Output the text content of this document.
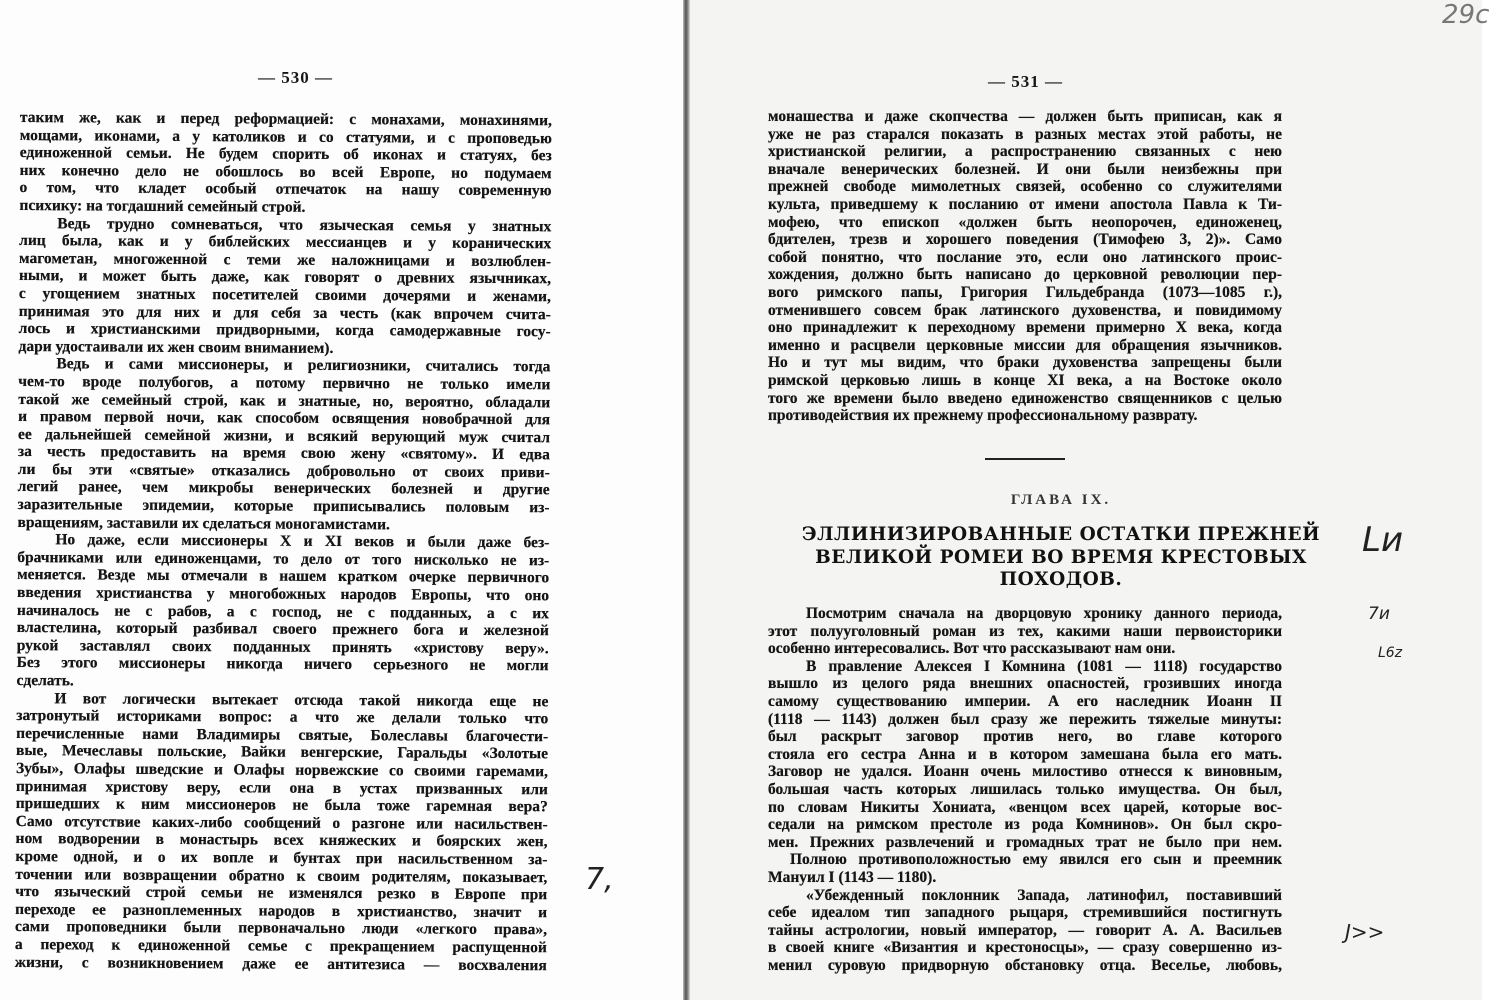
— 530 —
таким же, как и перед реформацией: с монахами, монахинями,
мощами, иконами, а у католиков и со статуями, и с проповедью
единоженной семьи. Не будем спорить об иконах и статуях, без
них конечно дело не обошлось во всей Европе, но подумаем
о том, что кладет особый отпечаток на нашу современную
психику: на тогдашний семейный строй.
Ведь трудно сомневаться, что языческая семья у знатных
лиц была, как и у библейских мессианцев и у коранических
магометан, многоженной с теми же наложницами и возлюблен-
ными, и может быть даже, как говорят о древних язычниках,
с угощением знатных посетителей своими дочерями и женами,
принимая это для них и для себя за честь (как впрочем счита-
лось и христианскими придворными, когда самодержавные госу-
дари удостаивали их жен своим вниманием).
Ведь и сами миссионеры, и религиозники, считались тогда
чем-то вроде полубогов, а потому первично не только имели
такой же семейный строй, как и знатные, но, вероятно, обладали
и правом первой ночи, как способом освящения новобрачной для
ее дальнейшей семейной жизни, и всякий верующий муж считал
за честь предоставить на время свою жену «святому». И едва
ли бы эти «святые» отказались добровольно от своих приви-
легий ранее, чем микробы венерических болезней и другие
заразительные эпидемии, которые приписывались половым из-
вращениям, заставили их сделаться моногамистами.
Но даже, если миссионеры X и XI веков и были даже без-
брачниками или единоженцами, то дело от того нисколько не из-
меняется. Везде мы отмечали в нашем кратком очерке первичного
введения христианства у многобожных народов Европы, что оно
начиналось не с рабов, а с господ, не с подданных, а с их
властелина, который разбивал своего прежнего бога и железной
рукой заставлял своих подданных принять «христову веру».
Без этого миссионеры никогда ничего серьезного не могли
сделать.
И вот логически вытекает отсюда такой никогда еще не
затронутый историками вопрос: а что же делали только что
перечисленные нами Владимиры святые, Болеславы благочести-
вые, Мечеславы польские, Вайки венгерские, Гаральды «Золотые
Зубы», Олафы шведские и Олафы норвежские со своими гаремами,
принимая христову веру, если она в устах призванных или
пришедших к ним миссионеров не была тоже гаремная вера?
Само отсутствие каких-либо сообщений о разгоне или насильствен-
ном водворении в монастырь всех княжеских и боярских жен,
кроме одной, и о их вопле и бунтах при насильственном за-
точении или возвращении обратно к своим родителям, показывает,
что языческий строй семьи не изменялся резко в Европе при
переходе ее разноплеменных народов в христианство, значит и
сами проповедники были первоначально люди «легкого права»,
а переход к единоженной семье с прекращением распущенной
жизни, с возникновением даже ее антитезиса — восхваления
7,
— 531 —
монашества и даже скопчества — должен быть приписан, как я
уже не раз старался показать в разных местах этой работы, не
христианской религии, а распространению связанных с нею
вначале венерических болезней. И они были неизбежны при
прежней свободе мимолетных связей, особенно со служителями
культа, приведшему к посланию от имени апостола Павла к Ти-
мофею, что епископ «должен быть неопорочен, единоженец,
бдителен, трезв и хорошего поведения (Тимофею 3, 2)». Само
собой понятно, что послание это, если оно латинского проис-
хождения, должно быть написано до церковной революции пер-
вого римского папы, Григория Гильдебранда (1073—1085 г.),
отменившего совсем брак латинского духовенства, и повидимому
оно принадлежит к переходному времени примерно X века, когда
именно и расцвели церковные миссии для обращения язычников.
Но и тут мы видим, что браки духовенства запрещены были
римской церковью лишь в конце XI века, а на Востоке около
того же времени было введено единоженство священников с целью
противодействия их прежнему профессиональному разврату.
ГЛАВА IX.
ЭЛЛИНИЗИРОВАННЫЕ ОСТАТКИ ПРЕЖНЕЙ
ВЕЛИКОЙ РОМЕИ ВО ВРЕМЯ КРЕСТОВЫХ
ПОХОДОВ.
Посмотрим сначала на дворцовую хронику данного периода,
этот полууголовный роман из тех, какими наши первоисторики
особенно интересовались. Вот что рассказывают нам они.
В правление Алексея I Комнина (1081 — 1118) государство
вышло из целого ряда внешних опасностей, грозивших иногда
самому существованию империи. А его наследник Иоанн II
(1118 — 1143) должен был сразу же пережить тяжелые минуты:
был раскрыт заговор против него, во главе которого
стояла его сестра Анна и в котором замешана была его мать.
Заговор не удался. Иоанн очень милостиво отнесся к виновным,
большая часть которых лишилась только имущества. Он был,
по словам Никиты Хониата, «венцом всех царей, которые вос-
седали на римском престоле из рода Комнинов». Он был скро-
мен. Прежних развлечений и громадных трат не было при нем.
Полною противоположностью ему явился его сын и преемник
Мануил I (1143 — 1180).
«Убежденный поклонник Запада, латинофил, поставивший
себе идеалом тип западного рыцаря, стремившийся постигнуть
тайны астрологии, новый император, — говорит А. А. Васильев
в своей книге «Византия и крестоносцы», — сразу совершенно из-
менил суровую придворную обстановку отца. Веселье, любовь,
Lи
7и
L6z
J>>
29c
